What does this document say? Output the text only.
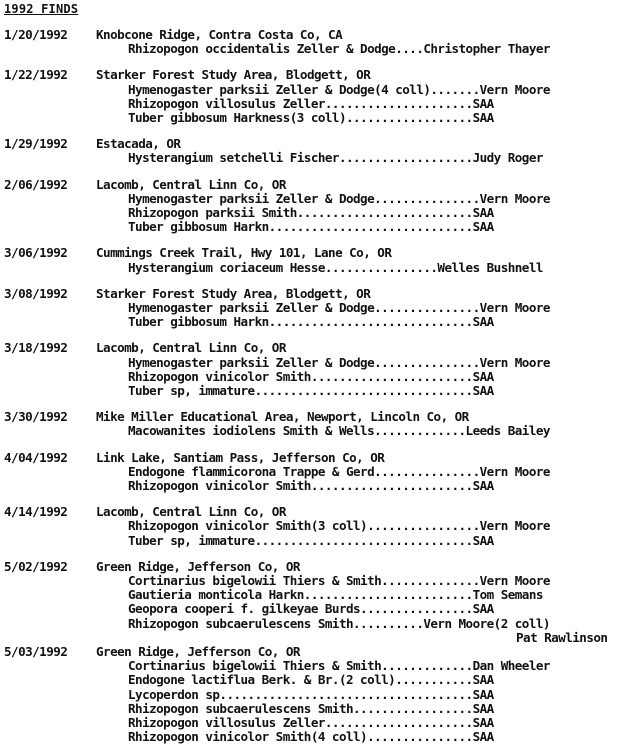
1992 FINDS
1/20/1992 Knobcone Ridge, Contra Costa Co, CA
Rhizopogon occidentalis Zeller & Dodge....Christopher Thayer
1/22/1992 Starker Forest Study Area, Blodgett, OR
Hymenogaster parksii Zeller & Dodge(4 coll).......Vern Moore
Rhizopogon villosulus Zeller.....................SAA
Tuber gibbosum Harkness(3 coll)..................SAA
1/29/1992 Estacada, OR
Hysterangium setchelli Fischer...................Judy Roger
2/06/1992 Lacomb, Central Linn Co, OR
Hymenogaster parksii Zeller & Dodge...............Vern Moore
Rhizopogon parksii Smith.........................SAA
Tuber gibbosum Harkn.............................SAA
3/06/1992 Cummings Creek Trail, Hwy 101, Lane Co, OR
Hysterangium coriaceum Hesse................Welles Bushnell
3/08/1992 Starker Forest Study Area, Blodgett, OR
Hymenogaster parksii Zeller & Dodge...............Vern Moore
Tuber gibbosum Harkn.............................SAA
3/18/1992 Lacomb, Central Linn Co, OR
Hymenogaster parksii Zeller & Dodge...............Vern Moore
Rhizopogon vinicolor Smith.......................SAA
Tuber sp, immature...............................SAA
3/30/1992 Mike Miller Educational Area, Newport, Lincoln Co, OR
Macowanites iodiolens Smith & Wells.............Leeds Bailey
4/04/1992 Link Lake, Santiam Pass, Jefferson Co, OR
Endogone flammicorona Trappe & Gerd...............Vern Moore
Rhizopogon vinicolor Smith.......................SAA
4/14/1992 Lacomb, Central Linn Co, OR
Rhizopogon vinicolor Smith(3 coll)................Vern Moore
Tuber sp, immature...............................SAA
5/02/1992 Green Ridge, Jefferson Co, OR
Cortinarius bigelowii Thiers & Smith..............Vern Moore
Gautieria monticola Harkn........................Tom Semans
Geopora cooperi f. gilkeyae Burds................SAA
Rhizopogon subcaerulescens Smith..........Vern Moore(2 coll)
Pat Rawlinson
5/03/1992 Green Ridge, Jefferson Co, OR
Cortinarius bigelowii Thiers & Smith.............Dan Wheeler
Endogone lactiflua Berk. & Br.(2 coll)...........SAA
Lycoperdon sp....................................SAA
Rhizopogon subcaerulescens Smith.................SAA
Rhizopogon villosulus Zeller.....................SAA
Rhizopogon vinicolor Smith(4 coll)...............SAA
